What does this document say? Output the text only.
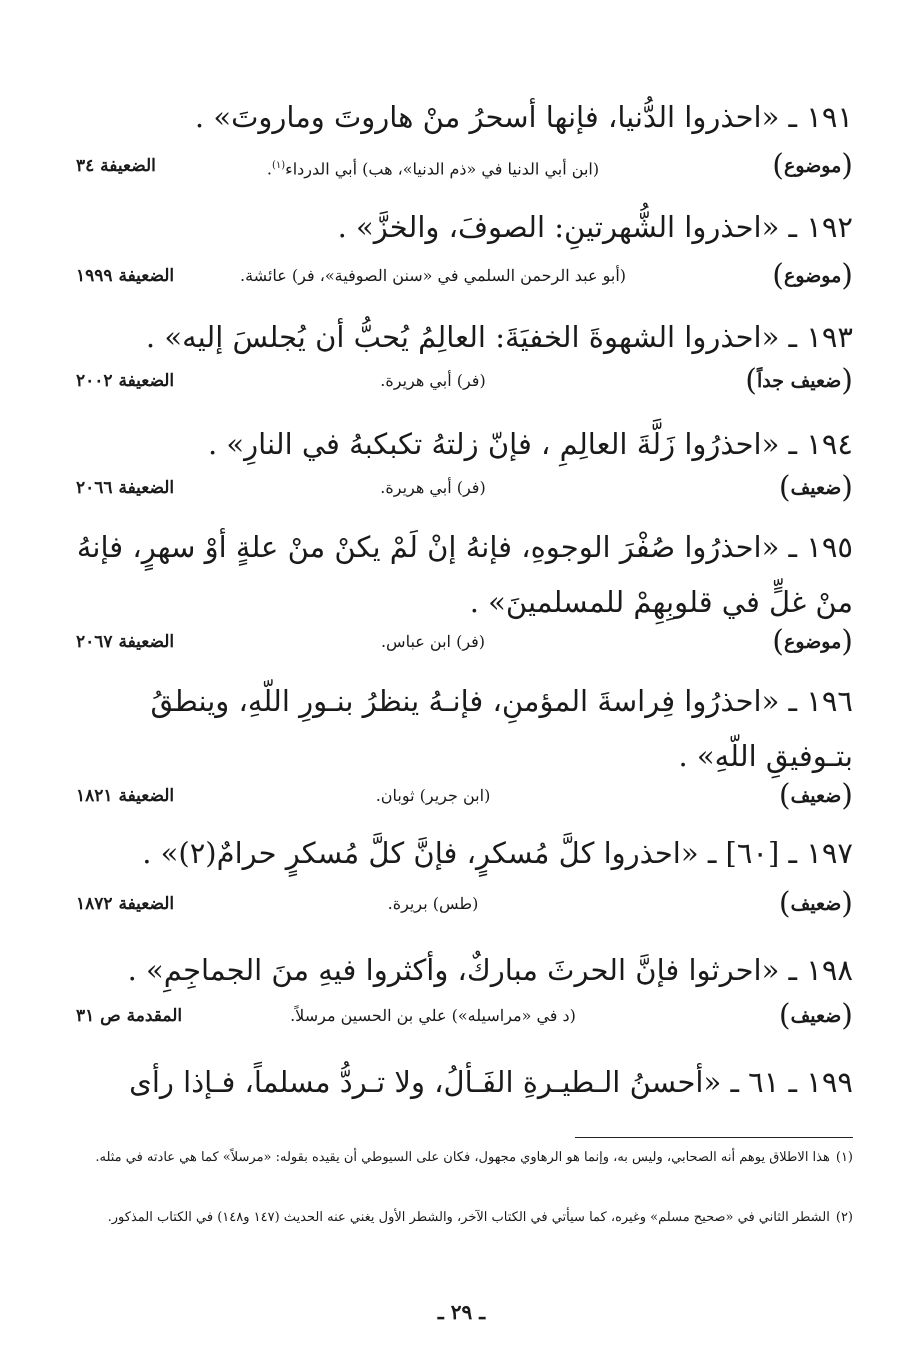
١٩١ ـ «احذروا الدُّنيا، فإنها أسحرُ منْ هاروتَ وماروتَ» .
(موضوع)
(ابن أبي الدنيا في «ذم الدنيا»، هب) أبي الدرداء$^{(١)}$.
الضعيفة ٣٤
١٩٢ ـ «احذروا الشُّهرتينِ: الصوفَ، والخزَّ» .
(موضوع)
(أبو عبد الرحمن السلمي في «سنن الصوفية»، فر) عائشة.
الضعيفة ١٩٩٩
١٩٣ ـ «احذروا الشهوةَ الخفيَةَ: العالِمُ يُحبُّ أن يُجلسَ إليه» .
(ضعيف جداً)
(فر) أبي هريرة.
الضعيفة ٢٠٠٢
١٩٤ ـ «احذرُوا زَلَّةَ العالِمِ ، فإنّ زلتهُ تكبكبهُ في النارِ» .
(ضعيف)
(فر) أبي هريرة.
الضعيفة ٢٠٦٦
١٩٥ ـ «احذرُوا صُفْرَ الوجوهِ، فإنهُ إنْ لَمْ يكنْ منْ علةٍ أوْ سهرٍ، فإنهُ منْ غلٍّ في قلوبِهِمْ للمسلمينَ» .
(موضوع)
(فر) ابن عباس.
الضعيفة ٢٠٦٧
١٩٦ ـ «احذرُوا فِراسةَ المؤمنِ، فإنـهُ ينظرُ بنـورِ اللّهِ، وينطقُ بتـوفيقِ اللّهِ» .
(ضعيف)
(ابن جرير) ثوبان.
الضعيفة ١٨٢١
١٩٧ ـ [٦٠] ـ «احذروا كلَّ مُسكرٍ، فإنَّ كلَّ مُسكرٍ حرامٌ(٢)» .
(ضعيف)
(طس) بريرة.
الضعيفة ١٨٧٢
١٩٨ ـ «احرثوا فإنَّ الحرثَ مباركٌ، وأكثروا فيهِ منَ الجماجِمِ» .
(ضعيف)
(د في «مراسيله») علي بن الحسين مرسلاً.
المقدمة ص ٣١
١٩٩ ـ ٦١ ـ «أحسنُ الـطيـرةِ الفَـألُ، ولا تـردُّ مسلماً، فـإذا رأى
(١)هذا الاطلاق يوهم أنه الصحابي، وليس به، وإنما هو الرهاوي مجهول، فكان على السيوطي أن يقيده بقوله: «مرسلاً» كما هي عادته في مثله.
(٢)الشطر الثاني في «صحيح مسلم» وغيره، كما سيأتي في الكتاب الآخر، والشطر الأول يغني عنه الحديث (١٤٧ و١٤٨) في الكتاب المذكور.
ـ ٢٩ ـ
